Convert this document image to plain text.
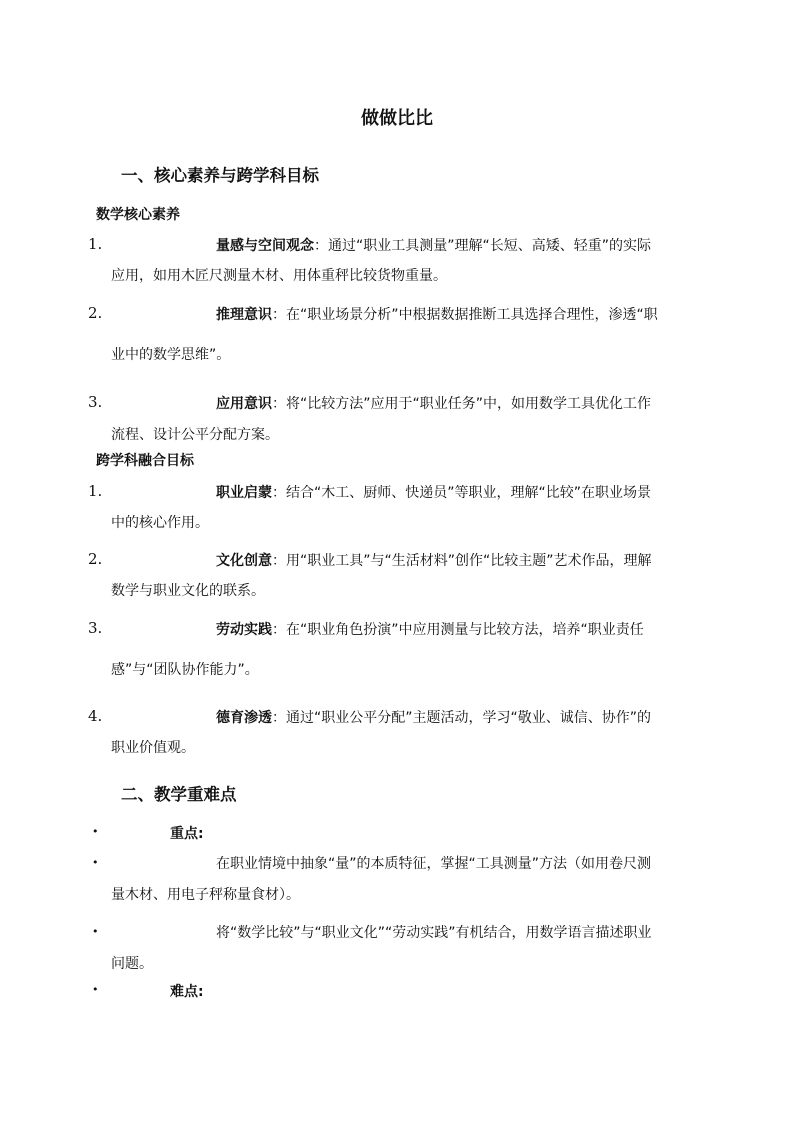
做做比比
一、核心素养与跨学科目标
数学核心素养
1.	量感与空间观念：通过“职业工具测量”理解“长短、高矮、轻重”的实际
应用，如用木匠尺测量木材、用体重秤比较货物重量。
2.	推理意识：在“职业场景分析”中根据数据推断工具选择合理性，渗透“职
业中的数学思维”。
3.	应用意识：将“比较方法”应用于“职业任务”中，如用数学工具优化工作
流程、设计公平分配方案。
跨学科融合目标
1.	职业启蒙：结合“木工、厨师、快递员”等职业，理解“比较”在职业场景
中的核心作用。
2.	文化创意：用“职业工具”与“生活材料”创作“比较主题”艺术作品，理解
数学与职业文化的联系。
3.	劳动实践：在“职业角色扮演”中应用测量与比较方法，培养“职业责任
感”与“团队协作能力”。
4.	德育渗透：通过“职业公平分配”主题活动，学习“敬业、诚信、协作”的
职业价值观。
二、教学重难点
•	重点:
•	在职业情境中抽象“量”的本质特征，掌握“工具测量”方法（如用卷尺测
量木材、用电子秤称量食材）。
•	将“数学比较”与“职业文化”“劳动实践”有机结合，用数学语言描述职业
问题。
•	难点:
